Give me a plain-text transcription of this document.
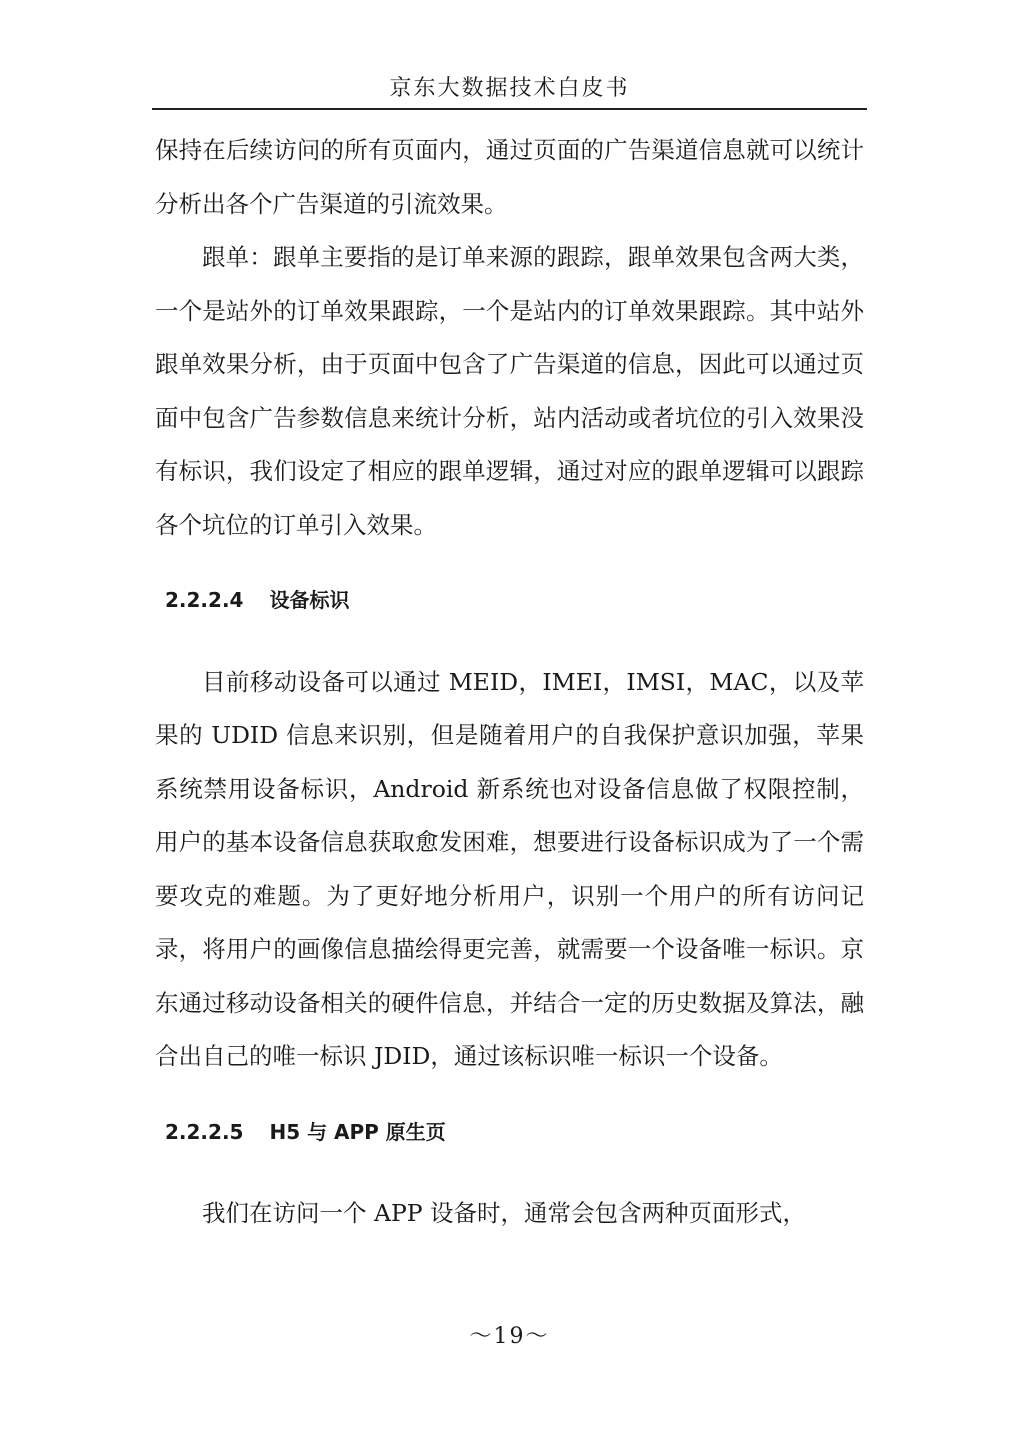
京东大数据技术白皮书

保持在后续访问的所有页面内，通过页面的广告渠道信息就可以统计分析出各个广告渠道的引流效果。

跟单：跟单主要指的是订单来源的跟踪，跟单效果包含两大类，一个是站外的订单效果跟踪，一个是站内的订单效果跟踪。其中站外跟单效果分析，由于页面中包含了广告渠道的信息，因此可以通过页面中包含广告参数信息来统计分析，站内活动或者坑位的引入效果没有标识，我们设定了相应的跟单逻辑，通过对应的跟单逻辑可以跟踪各个坑位的订单引入效果。

2.2.2.4 设备标识

目前移动设备可以通过 MEID，IMEI，IMSI，MAC，以及苹果的 UDID 信息来识别，但是随着用户的自我保护意识加强，苹果系统禁用设备标识，Android 新系统也对设备信息做了权限控制，用户的基本设备信息获取愈发困难，想要进行设备标识成为了一个需要攻克的难题。为了更好地分析用户，识别一个用户的所有访问记录，将用户的画像信息描绘得更完善，就需要一个设备唯一标识。京东通过移动设备相关的硬件信息，并结合一定的历史数据及算法，融合出自己的唯一标识 JDID，通过该标识唯一标识一个设备。

2.2.2.5 H5 与 APP 原生页

我们在访问一个 APP 设备时，通常会包含两种页面形式，

～19～
